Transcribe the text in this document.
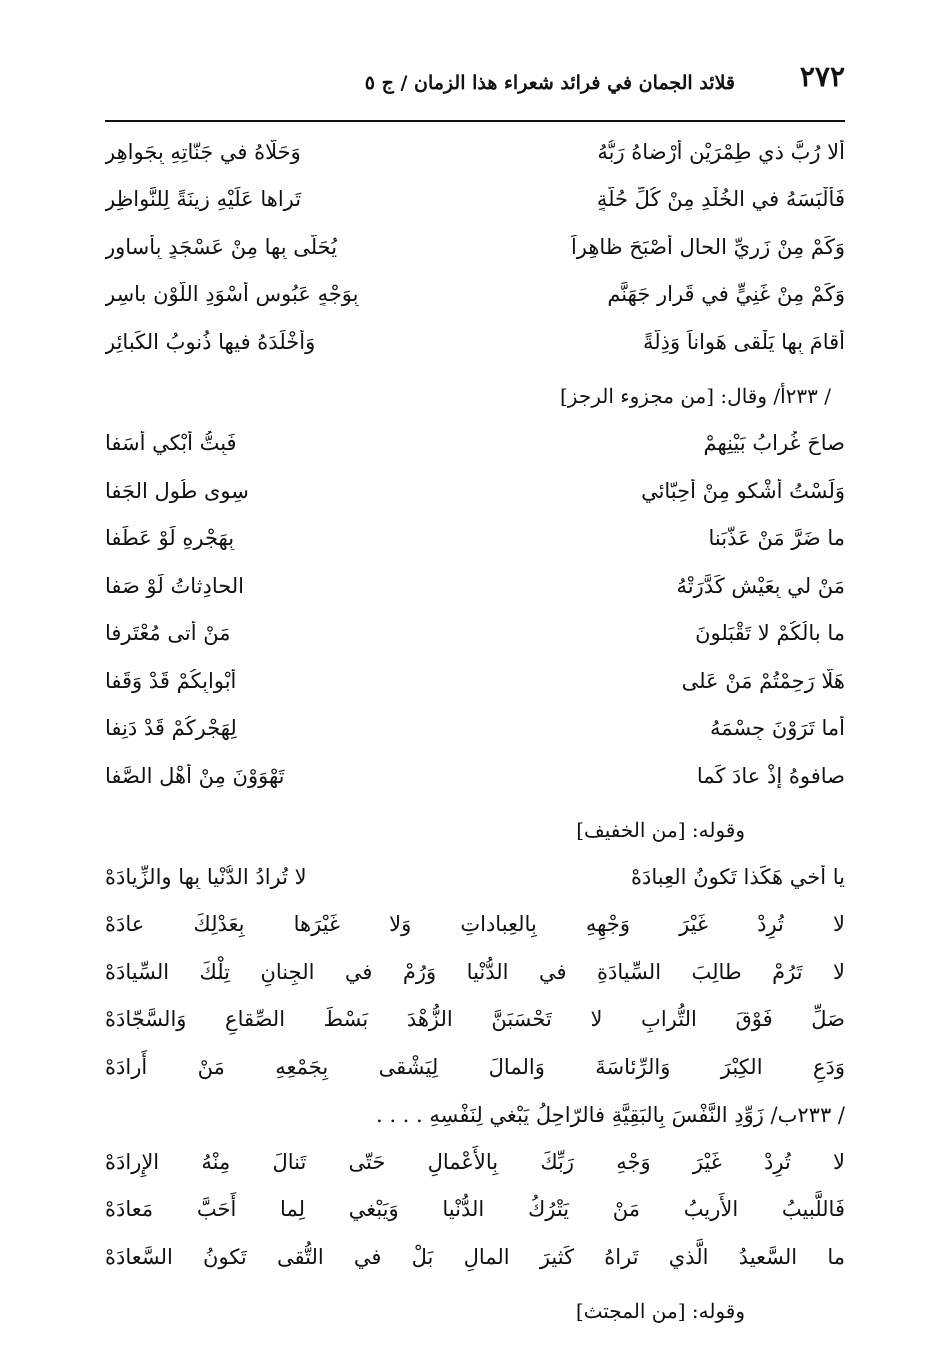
٢٧٢
قلائد الجمان في فرائد شعراء هذا الزمان / ج ٥
ألا رُبَّ ذي طِمْرَيْنِ أَرْضاهُ رَبُّهُ
وَحَلّاهُ في جَنّاتِهِ بِجَواهِرِ
فَأَلْبَسَهُ في الخُلْدِ مِنْ كُلِّ حُلَّةٍ
تَراها عَلَيْهِ زينَةً لِلنَّواظِرِ
وَكَمْ مِنْ زَرِيِّ الحالِ أَصْبَحَ ظاهِراً
يُحَلّى بِها مِنْ عَسْجَدٍ بِأَساوِرِ
وَكَمْ مِنْ غَنِيٍّ في قَرارِ جَهَنَّمٍ
بِوَجْهٍ عَبُوسٍ أَسْوَدِ اللَّوْنِ باسِرِ
أَقامَ بِها يَلْقى هَواناً وَذِلَّةً
وَأَخْلَدَهُ فيها ذُنوبُ الكَبائِرِ
/ ٢٣٣أ/ وقال: [من مجزوء الرجز]
صاحَ غُرابُ بَيْنِهِمْ
فَبِتُّ أَبْكي أَسَفا
وَلَسْتُ أَشْكو مِنْ أَحِبّائي
سِوى طُولِ الجَفا
ما ضَرَّ مَنْ عَذَّبَنا
بِهَجْرِهِ لَوْ عَطَفا
مَنْ لي بِعَيْشٍ كَدَّرَتْهُ
الحادِثاتُ لَوْ صَفا
ما بالُكُمْ لا تَقْبَلونَ
مَنْ أَتى مُعْتَرِفا
هَلّا رَحِمْتُمْ مَنْ عَلى
أَبْوابِكُمْ قَدْ وَقَفا
أَما تَرَوْنَ جِسْمَهُ
لِهَجْرِكُمْ قَدْ دَنِفا
صافوهُ إِذْ عادَ كَما
تَهْوَوْنَ مِنْ أَهْلِ الصَّفا
وقوله: [من الخفيف]
يا أَخي هَكَذا تَكونُ العِبادَهْ
لا تُرادُ الدُّنْيا بِها والزِّيادَهْ
لا تُرِدْ غَيْرَ وَجْهِهِ بِالعِباداتِ وَلا غَيْرَها بِعَدْلِكَ عادَهْ
لا تَرُمْ طالِبَ السِّيادَةِ في الدُّنْيا وَرُمْ في الجِنانِ تِلْكَ السِّيادَهْ
صَلِّ فَوْقَ التُّرابِ لا تَحْسَبَنَّ الزُّهْدَ بَسْطَ الصِّقاعِ وَالسَّجّادَهْ
وَدَعِ الكِبْرَ وَالرِّئاسَةَ وَالمالَ لِيَشْقى بِجَمْعِهِ مَنْ أَرادَهْ
/ ٢٣٣ب/ زَوِّدِ النَّفْسَ بِالبَقِيَّةِ فالرّاحِلُ يَبْغي لِنَفْسِهِ . . . .
لا تُرِدْ غَيْرَ وَجْهِ رَبِّكَ بِالأَعْمالِ حَتّى تَنالَ مِنْهُ الإِرادَهْ
فَاللَّبيبُ الأَريبُ مَنْ يَتْرُكُ الدُّنْيا وَيَبْغي لِما أَحَبَّ مَعادَهْ
ما السَّعيدُ الَّذي تَراهُ كَثيرَ المالِ بَلْ في التُّقى تَكونُ السَّعادَهْ
وقوله: [من المجتث]
